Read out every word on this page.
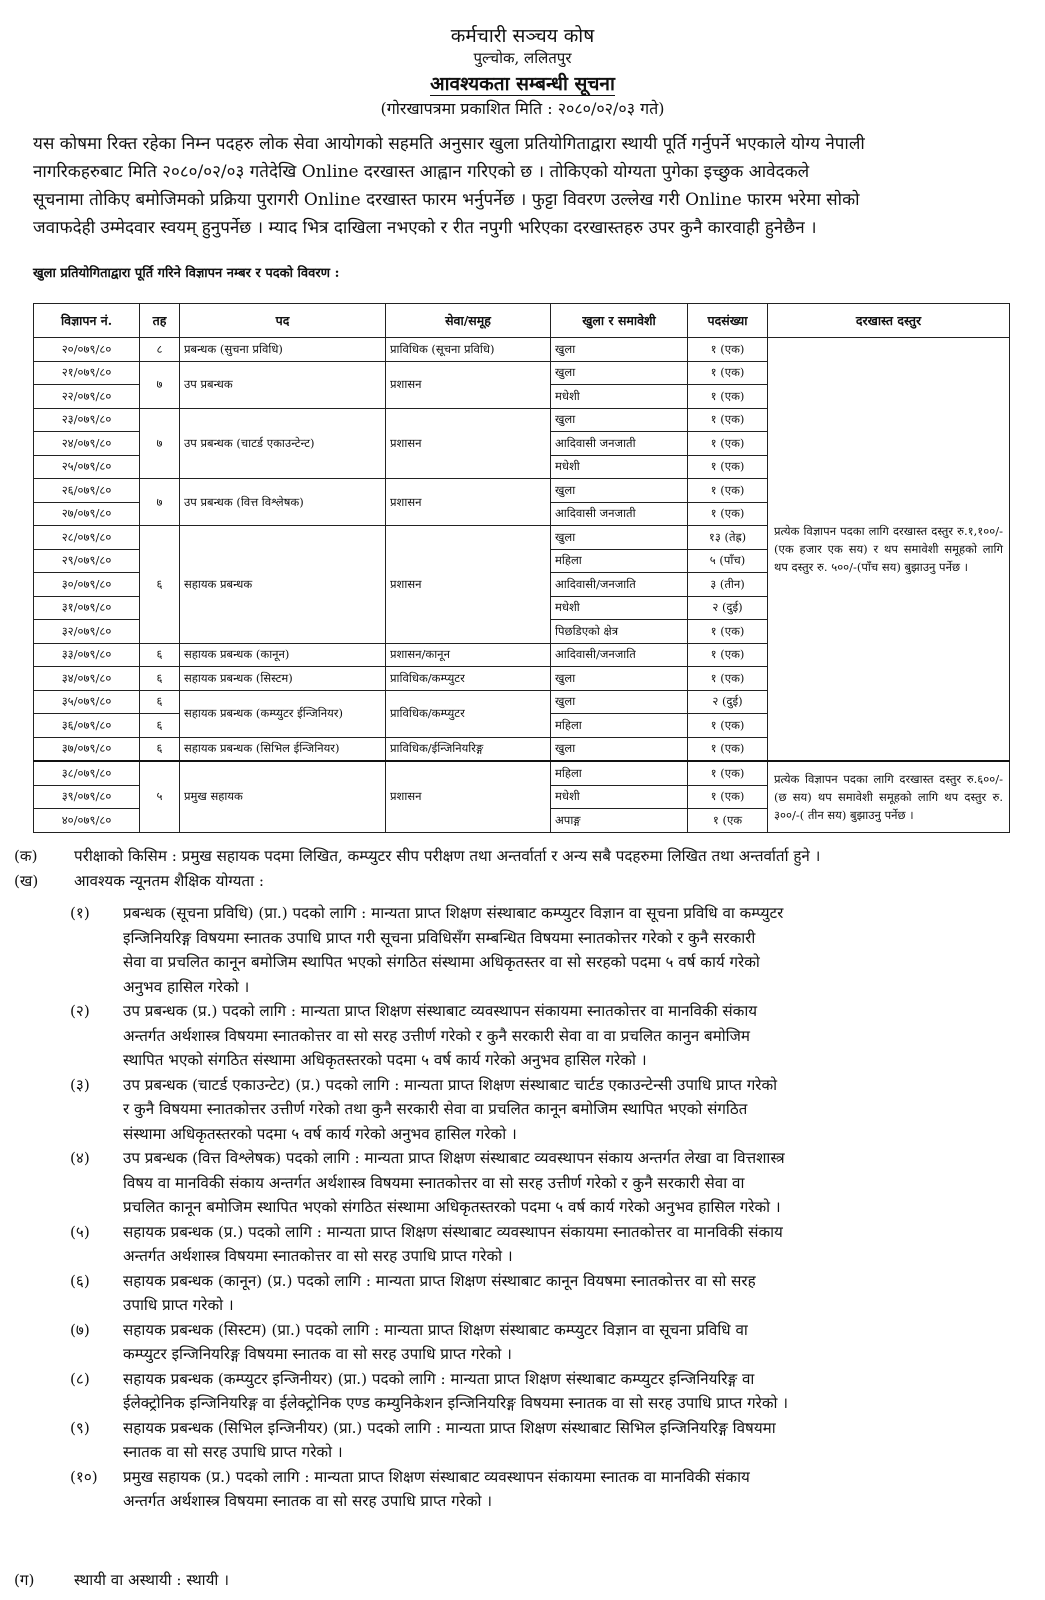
कर्मचारी सञ्चय कोष
पुल्चोक, ललितपुर
आवश्यकता सम्बन्धी सूचना
(गोरखापत्रमा प्रकाशित मिति : २०८०/०२/०३ गते)
यस कोषमा रिक्त रहेका निम्न पदहरु लोक सेवा आयोगको सहमति अनुसार खुला प्रतियोगिताद्वारा स्थायी पूर्ति गर्नुपर्ने भएकाले योग्य नेपाली
नागरिकहरुबाट मिति २०८०/०२/०३ गतेदेखि Online दरखास्त आह्वान गरिएको छ । तोकिएको योग्यता पुगेका इच्छुक आवेदकले
सूचनामा तोकिए बमोजिमको प्रक्रिया पुरागरी Online दरखास्त फारम भर्नुपर्नेछ । फुट्टा विवरण उल्लेख गरी Online फारम भरेमा सोको
जवाफदेही उम्मेदवार स्वयम् हुनुपर्नेछ । म्याद भित्र दाखिला नभएको र रीत नपुगी भरिएका दरखास्तहरु उपर कुनै कारवाही हुनेछैन ।
खुला प्रतियोगिताद्वारा पूर्ति गरिने विज्ञापन नम्बर र पदको विवरण :
विज्ञापन नं.	तह	पद	सेवा/समूह	खुला र समावेशी	पदसंख्या	दरखास्त दस्तुर
२०/०७९/८०	८	प्रबन्धक (सुचना प्रविधि)	प्राविधिक (सूचना प्रविधि)	खुला	१ (एक)	प्रत्येक विज्ञापन पदका लागि दरखास्त दस्तुर रु.१,१००/-(एक हजार एक सय) र थप समावेशी समूहको लागि थप दस्तुर रु. ५००/-(पाँच सय) बुझाउनु पर्नेछ ।
२१/०७९/८०	७	उप प्रबन्धक	प्रशासन	खुला	१ (एक)	
२२/०७९/८०				मधेशी	१ (एक)	
२३/०७९/८०	७	उप प्रबन्धक (चाटर्ड एकाउन्टेन्ट)	प्रशासन	खुला	१ (एक)	
२४/०७९/८०				आदिवासी जनजाती	१ (एक)	
२५/०७९/८०				मधेशी	१ (एक)	
२६/०७९/८०	७	उप प्रबन्धक (वित्त विश्लेषक)	प्रशासन	खुला	१ (एक)	
२७/०७९/८०				आदिवासी जनजाती	१ (एक)	
२८/०७९/८०	६	सहायक प्रबन्धक	प्रशासन	खुला	१३ (तेह्र)	
२९/०७९/८०				महिला	५ (पाँच)	
३०/०७९/८०				आदिवासी/जनजाति	३ (तीन)	
३१/०७९/८०				मधेशी	२ (दुई)	
३२/०७९/८०				पिछडिएको क्षेत्र	१ (एक)	
३३/०७९/८०	६	सहायक प्रबन्धक (कानून)	प्रशासन/कानून	आदिवासी/जनजाति	१ (एक)	
३४/०७९/८०	६	सहायक प्रबन्धक (सिस्टम)	प्राविधिक/कम्प्युटर	खुला	१ (एक)	
३५/०७९/८०	६	सहायक प्रबन्धक (कम्प्युटर ईन्जिनियर)	प्राविधिक/कम्प्युटर	खुला	२ (दुई)	
३६/०७९/८०	६			महिला	१ (एक)	
३७/०७९/८०	६	सहायक प्रबन्धक (सिभिल ईन्जिनियर)	प्राविधिक/ईन्जिनियरिङ्ग	खुला	१ (एक)	
३८/०७९/८०	५	प्रमुख सहायक	प्रशासन	महिला	१ (एक)	प्रत्येक विज्ञापन पदका लागि दरखास्त दस्तुर रु.६००/- (छ सय) थप समावेशी समूहको लागि थप दस्तुर रु. ३००/-( तीन सय) बुझाउनु पर्नेछ ।
३९/०७९/८०				मधेशी	१ (एक)	
४०/०७९/८०				अपाङ्ग	१ (एक	
(क) परीक्षाको किसिम : प्रमुख सहायक पदमा लिखित, कम्प्युटर सीप परीक्षण तथा अन्तर्वार्ता र अन्य सबै पदहरुमा लिखित तथा अन्तर्वार्ता हुने ।
(ख) आवश्यक न्यूनतम शैक्षिक योग्यता :
(१) प्रबन्धक (सूचना प्रविधि) (प्रा.) पदको लागि : मान्यता प्राप्त शिक्षण संस्थाबाट कम्प्युटर विज्ञान वा सूचना प्रविधि वा कम्प्युटर
इन्जिनियरिङ्ग विषयमा स्नातक उपाधि प्राप्त गरी सूचना प्रविधिसँग सम्बन्धित विषयमा स्नातकोत्तर गरेको र कुनै सरकारी
सेवा वा प्रचलित कानून बमोजिम स्थापित भएको संगठित संस्थामा अधिकृतस्तर वा सो सरहको पदमा ५ वर्ष कार्य गरेको
अनुभव हासिल गरेको ।
(२) उप प्रबन्धक (प्र.) पदको लागि : मान्यता प्राप्त शिक्षण संस्थाबाट व्यवस्थापन संकायमा स्नातकोत्तर वा मानविकी संकाय
अन्तर्गत अर्थशास्त्र विषयमा स्नातकोत्तर वा सो सरह उत्तीर्ण गरेको र कुनै सरकारी सेवा वा वा प्रचलित कानुन बमोजिम
स्थापित भएको संगठित संस्थामा अधिकृतस्तरको पदमा ५ वर्ष कार्य गरेको अनुभव हासिल गरेको ।
(३) उप प्रबन्धक (चाटर्ड एकाउन्टेट) (प्र.) पदको लागि : मान्यता प्राप्त शिक्षण संस्थाबाट चार्टड एकाउन्टेन्सी उपाधि प्राप्त गरेको
र कुनै विषयमा स्नातकोत्तर उत्तीर्ण गरेको तथा कुनै सरकारी सेवा वा प्रचलित कानून बमोजिम स्थापित भएको संगठित
संस्थामा अधिकृतस्तरको पदमा ५ वर्ष कार्य गरेको अनुभव हासिल गरेको ।
(४) उप प्रबन्धक (वित्त विश्लेषक) पदको लागि : मान्यता प्राप्त शिक्षण संस्थाबाट व्यवस्थापन संकाय अन्तर्गत लेखा वा वित्तशास्त्र
विषय वा मानविकी संकाय अन्तर्गत अर्थशास्त्र विषयमा स्नातकोत्तर वा सो सरह उत्तीर्ण गरेको र कुनै सरकारी सेवा वा
प्रचलित कानून बमोजिम स्थापित भएको संगठित संस्थामा अधिकृतस्तरको पदमा ५ वर्ष कार्य गरेको अनुभव हासिल गरेको ।
(५) सहायक प्रबन्धक (प्र.) पदको लागि : मान्यता प्राप्त शिक्षण संस्थाबाट व्यवस्थापन संकायमा स्नातकोत्तर वा मानविकी संकाय
अन्तर्गत अर्थशास्त्र विषयमा स्नातकोत्तर वा सो सरह उपाधि प्राप्त गरेको ।
(६) सहायक प्रबन्धक (कानून) (प्र.) पदको लागि : मान्यता प्राप्त शिक्षण संस्थाबाट कानून वियषमा स्नातकोत्तर वा सो सरह
उपाधि प्राप्त गरेको ।
(७) सहायक प्रबन्धक (सिस्टम) (प्रा.) पदको लागि : मान्यता प्राप्त शिक्षण संस्थाबाट कम्प्युटर विज्ञान वा सूचना प्रविधि वा
कम्प्युटर इन्जिनियरिङ्ग विषयमा स्नातक वा सो सरह उपाधि प्राप्त गरेको ।
(८) सहायक प्रबन्धक (कम्प्युटर इन्जिनीयर) (प्रा.) पदको लागि : मान्यता प्राप्त शिक्षण संस्थाबाट कम्प्युटर इन्जिनियरिङ्ग वा
ईलेक्ट्रोनिक इन्जिनियरिङ्ग वा ईलेक्ट्रोनिक एण्ड कम्युनिकेशन इन्जिनियरिङ्ग विषयमा स्नातक वा सो सरह उपाधि प्राप्त गरेको ।
(९) सहायक प्रबन्धक (सिभिल इन्जिनीयर) (प्रा.) पदको लागि : मान्यता प्राप्त शिक्षण संस्थाबाट सिभिल इन्जिनियरिङ्ग विषयमा
स्नातक वा सो सरह उपाधि प्राप्त गरेको ।
(१०) प्रमुख सहायक (प्र.) पदको लागि : मान्यता प्राप्त शिक्षण संस्थाबाट व्यवस्थापन संकायमा स्नातक वा मानविकी संकाय
अन्तर्गत अर्थशास्त्र विषयमा स्नातक वा सो सरह उपाधि प्राप्त गरेको ।
(ग)	स्थायी वा अस्थायी : स्थायी ।
